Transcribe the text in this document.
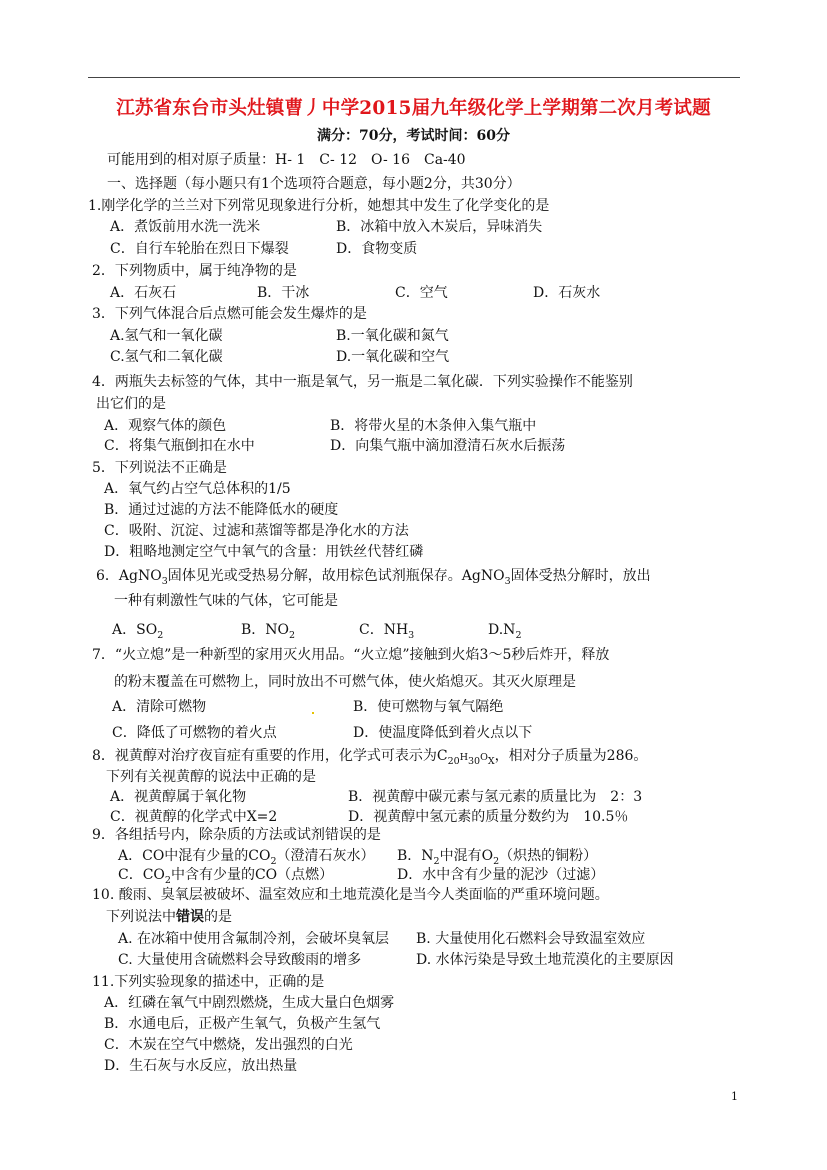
江苏省东台市头灶镇曹丿中学2015届九年级化学上学期第二次月考试题
满分：70分，考试时间：60分
可能用到的相对原子质量：H- 1　C- 12　O- 16　Ca-40
一、选择题（每小题只有1个选项符合题意，每小题2分，共30分）
1.刚学化学的兰兰对下列常见现象进行分析，她想其中发生了化学变化的是
A．煮饭前用水洗一洗米	B．冰箱中放入木炭后，异味消失
C．自行车轮胎在烈日下爆裂	D．食物变质
2．下列物质中，属于纯净物的是
A．石灰石	B．干冰	C．空气	D．石灰水
3．下列气体混合后点燃可能会发生爆炸的是
A.氢气和一氧化碳	B.一氧化碳和氮气
C.氢气和二氧化碳	D.一氧化碳和空气
4．两瓶失去标签的气体，其中一瓶是氧气，另一瓶是二氧化碳．下列实验操作不能鉴别
出它们的是
A．观察气体的颜色	B．将带火星的木条伸入集气瓶中
C．将集气瓶倒扣在水中	D．向集气瓶中滴加澄清石灰水后振荡
5．下列说法不正确是
A．氧气约占空气总体积的1/5
B．通过过滤的方法不能降低水的硬度
C．吸附、沉淀、过滤和蒸馏等都是净化水的方法
D．粗略地测定空气中氧气的含量：用铁丝代替红磷
6．AgNO$_3$固体见光或受热易分解，故用棕色试剂瓶保存。AgNO$_3$固体受热分解时，放出
一种有刺激性气味的气体，它可能是
A．$SO_2$	B．$NO_2$	C．$NH_3$	$D.N_2$
7．“火立熄”是一种新型的家用灭火用品。“火立熄”接触到火焰3～5秒后炸开，释放
的粉末覆盖在可燃物上，同时放出不可燃气体，使火焰熄灭。其灭火原理是
A．清除可燃物	B．使可燃物与氧气隔绝
C．降低了可燃物的着火点	D．使温度降低到着火点以下
8．视黄醇对治疗夜盲症有重要的作用，化学式可表示为$C_{20}H_{30}O_X$，相对分子质量为286。
下列有关视黄醇的说法中正确的是
A．视黄醇属于氧化物	B．视黄醇中碳元素与氢元素的质量比为　2：3
C．视黄醇的化学式中X=2	D．视黄醇中氢元素的质量分数约为　10.5％
9．各组括号内，除杂质的方法或试剂错误的是
A．CO中混有少量的$CO_2$（澄清石灰水） B．$N_2$中混有$O_2$（炽热的铜粉）
C．$CO_2$中含有少量的CO（点燃）	D．水中含有少量的泥沙（过滤）
10. 酸雨、臭氧层被破坏、温室效应和土地荒漠化是当今人类面临的严重环境问题。
下列说法中错误的是
A. 在冰箱中使用含氟制冷剂，会破坏臭氧层 B. 大量使用化石燃料会导致温室效应
C. 大量使用含硫燃料会导致酸雨的增多	D. 水体污染是导致土地荒漠化的主要原因
11.下列实验现象的描述中，正确的是
A．红磷在氧气中剧烈燃烧，生成大量白色烟雾
B．水通电后，正极产生氧气，负极产生氢气
C．木炭在空气中燃烧，发出强烈的白光
D．生石灰与水反应，放出热量
1
